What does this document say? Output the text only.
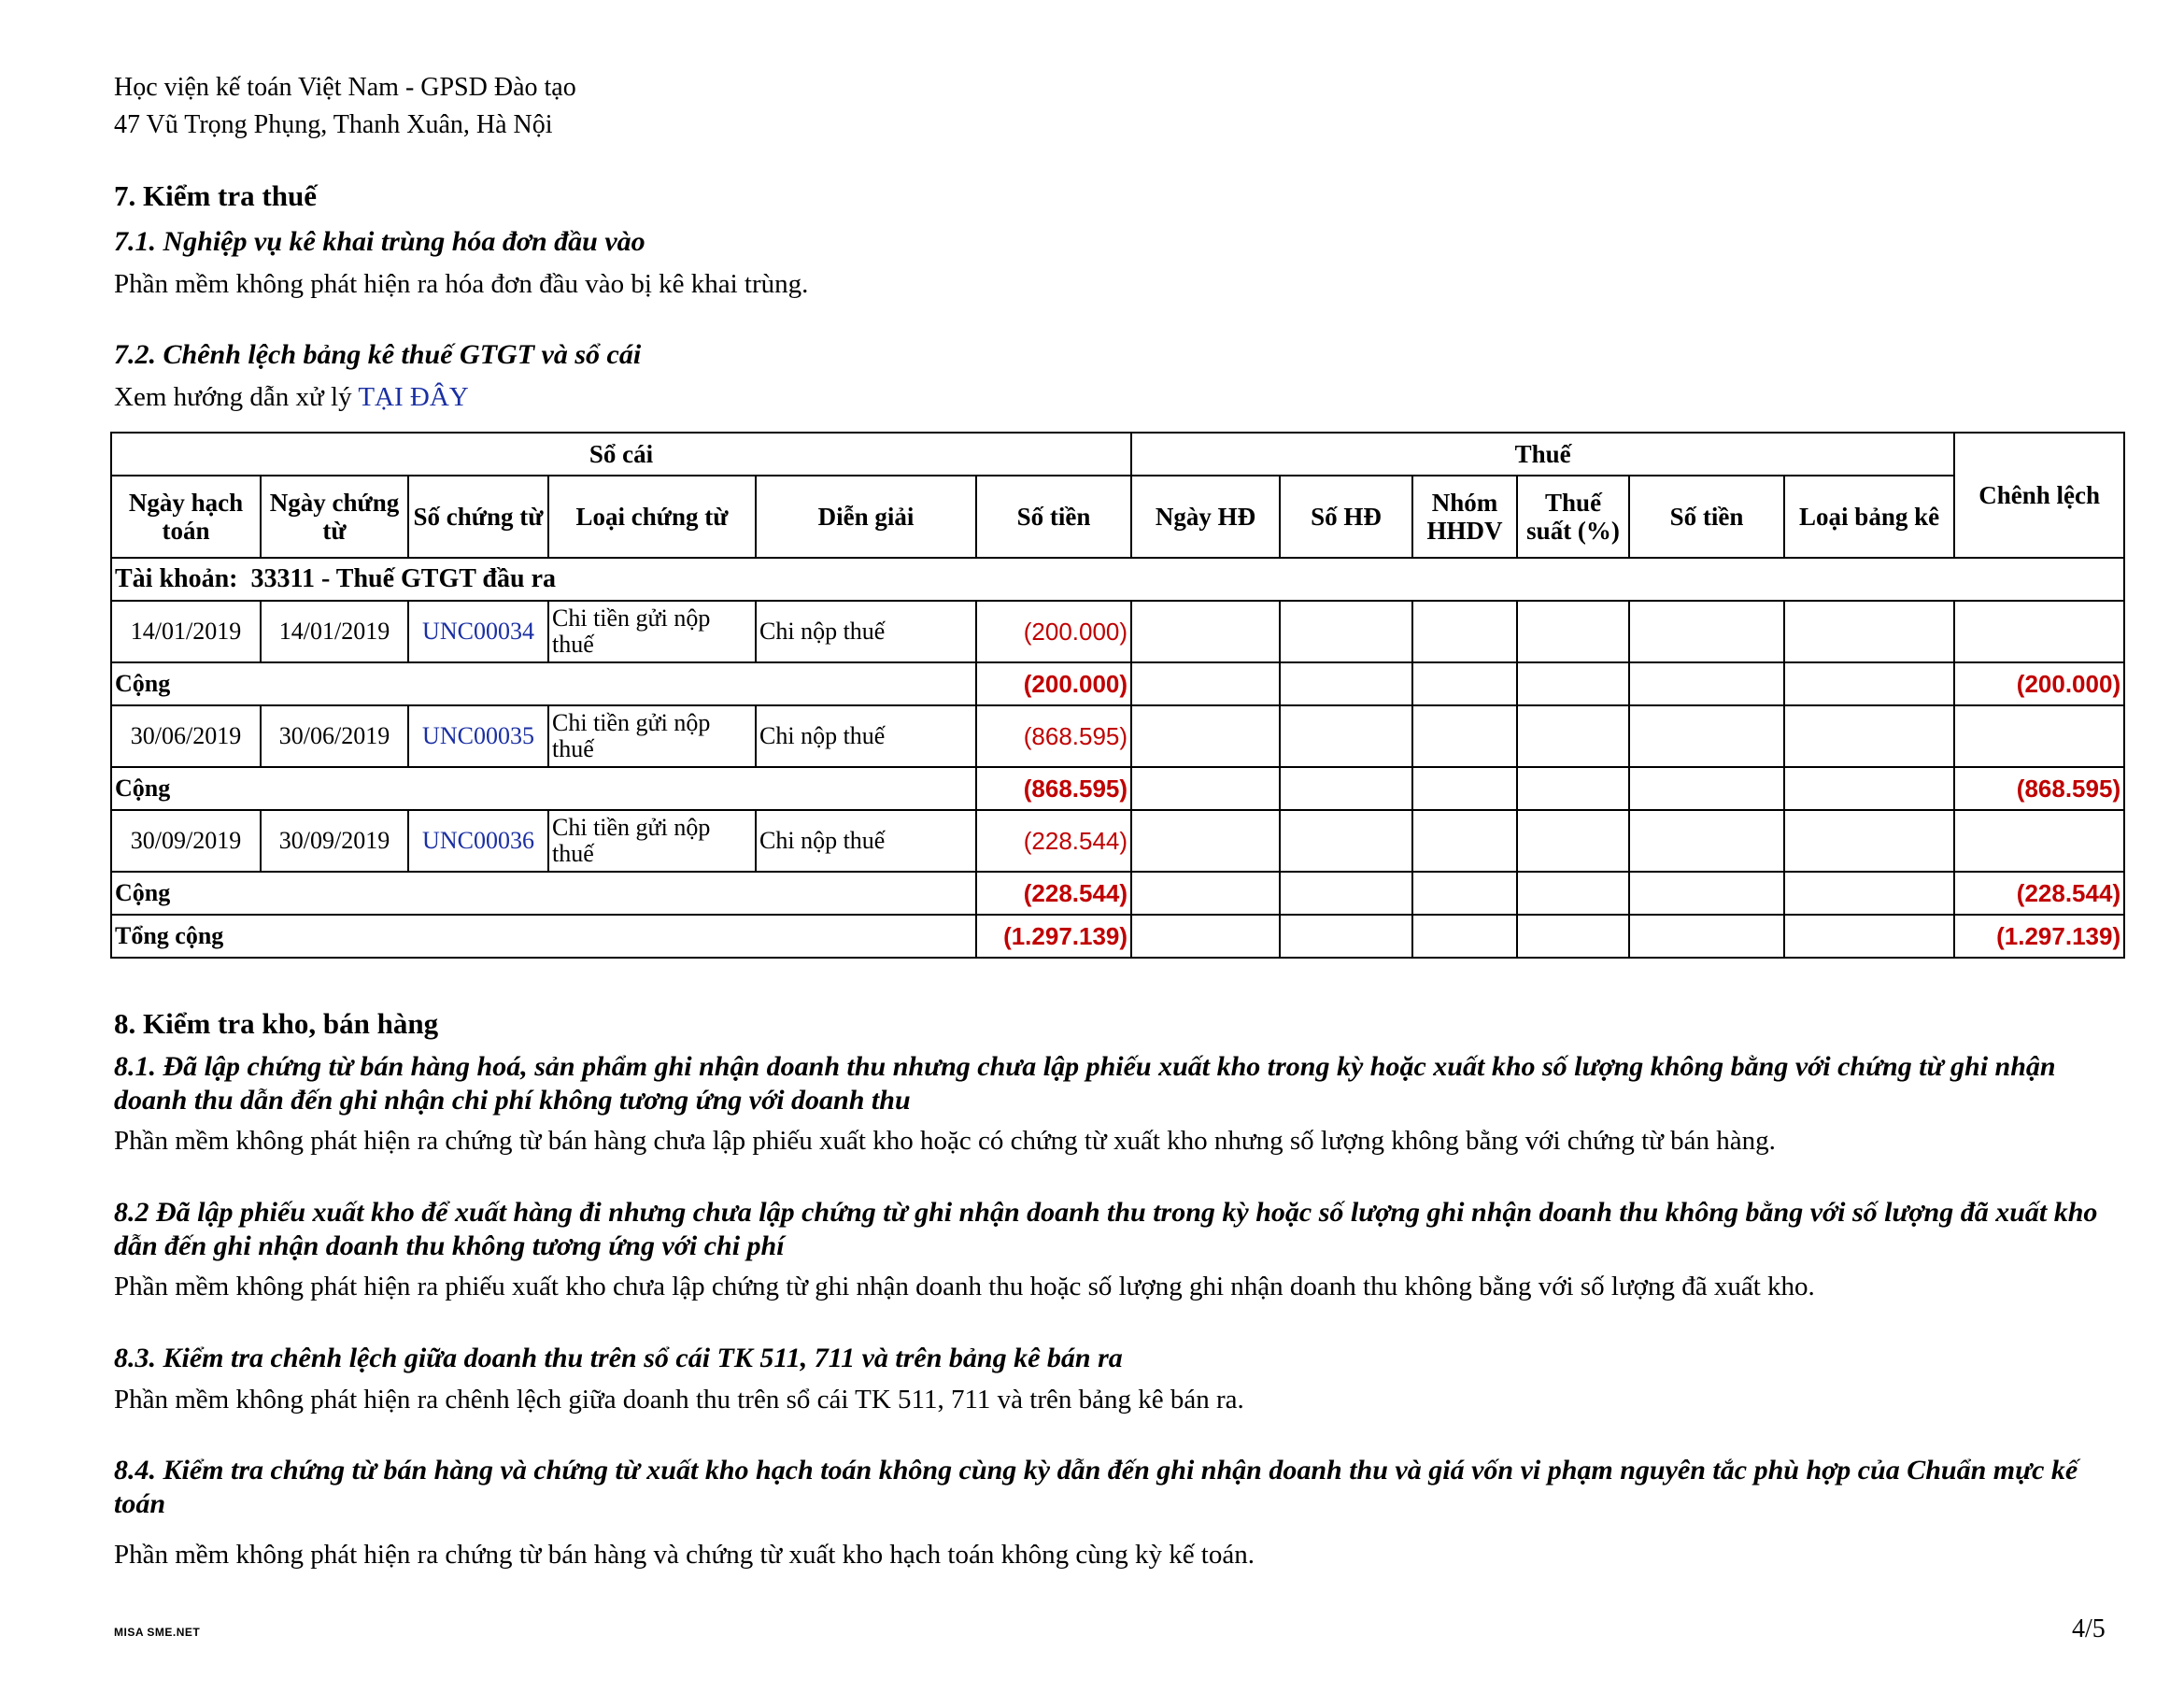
Học viện kế toán Việt Nam - GPSD Đào tạo
47 Vũ Trọng Phụng, Thanh Xuân, Hà Nội
7. Kiểm tra thuế
7.1. Nghiệp vụ kê khai trùng hóa đơn đầu vào
Phần mềm không phát hiện ra hóa đơn đầu vào bị kê khai trùng.
7.2. Chênh lệch bảng kê thuế GTGT và sổ cái
Xem hướng dẫn xử lý TẠI ĐÂY
Sổ cái						Thuế						Chênh lệch
Ngày hạch toán	Ngày chứng từ	Số chứng từ	Loại chứng từ	Diễn giải	Số tiền	Ngày HĐ	Số HĐ	Nhóm HHDV	Thuế suất (%)	Số tiền	Loại bảng kê	
Tài khoản: 33311 - Thuế GTGT đầu ra												
14/01/2019	14/01/2019	UNC00034	Chi tiền gửi nộp thuế	Chi nộp thuế	(200.000)							
Cộng					(200.000)							(200.000)
30/06/2019	30/06/2019	UNC00035	Chi tiền gửi nộp thuế	Chi nộp thuế	(868.595)							
Cộng					(868.595)							(868.595)
30/09/2019	30/09/2019	UNC00036	Chi tiền gửi nộp thuế	Chi nộp thuế	(228.544)							
Cộng					(228.544)							(228.544)
Tổng cộng					(1.297.139)							(1.297.139)
8. Kiểm tra kho, bán hàng
8.1. Đã lập chứng từ bán hàng hoá, sản phẩm ghi nhận doanh thu nhưng chưa lập phiếu xuất kho trong kỳ hoặc xuất kho số lượng không bằng với chứng từ ghi nhận doanh thu dẫn đến ghi nhận chi phí không tương ứng với doanh thu
Phần mềm không phát hiện ra chứng từ bán hàng chưa lập phiếu xuất kho hoặc có chứng từ xuất kho nhưng số lượng không bằng với chứng từ bán hàng.
8.2 Đã lập phiếu xuất kho để xuất hàng đi nhưng chưa lập chứng từ ghi nhận doanh thu trong kỳ hoặc số lượng ghi nhận doanh thu không bằng với số lượng đã xuất kho dẫn đến ghi nhận doanh thu không tương ứng với chi phí
Phần mềm không phát hiện ra phiếu xuất kho chưa lập chứng từ ghi nhận doanh thu hoặc số lượng ghi nhận doanh thu không bằng với số lượng đã xuất kho.
8.3. Kiểm tra chênh lệch giữa doanh thu trên sổ cái TK 511, 711 và trên bảng kê bán ra
Phần mềm không phát hiện ra chênh lệch giữa doanh thu trên sổ cái TK 511, 711 và trên bảng kê bán ra.
8.4. Kiểm tra chứng từ bán hàng và chứng từ xuất kho hạch toán không cùng kỳ dẫn đến ghi nhận doanh thu và giá vốn vi phạm nguyên tắc phù hợp của Chuẩn mực kế toán
Phần mềm không phát hiện ra chứng từ bán hàng và chứng từ xuất kho hạch toán không cùng kỳ kế toán.
MISA SME.NET	4/5
